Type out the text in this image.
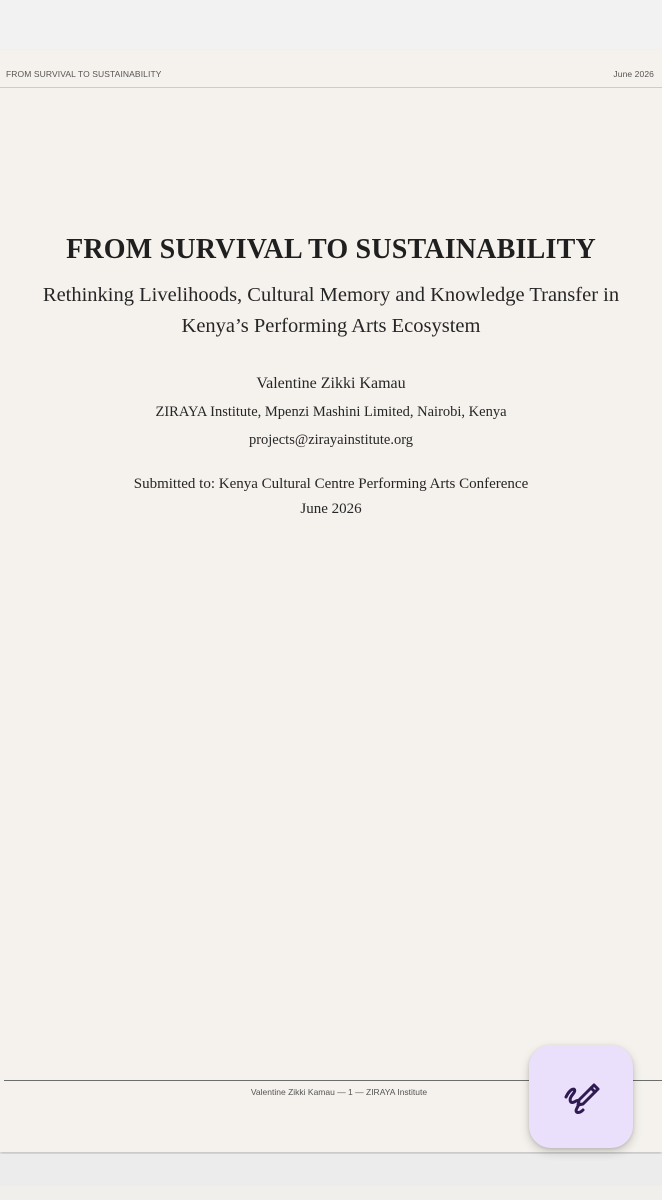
FROM SURVIVAL TO SUSTAINABILITY	June 2026
FROM SURVIVAL TO SUSTAINABILITY
Rethinking Livelihoods, Cultural Memory and Knowledge Transfer in Kenya’s Performing Arts Ecosystem
Valentine Zikki Kamau
ZIRAYA Institute, Mpenzi Mashini Limited, Nairobi, Kenya
projects@zirayainstitute.org
Submitted to: Kenya Cultural Centre Performing Arts Conference
June 2026
Valentine Zikki Kamau — 1 — ZIRAYA Institute
